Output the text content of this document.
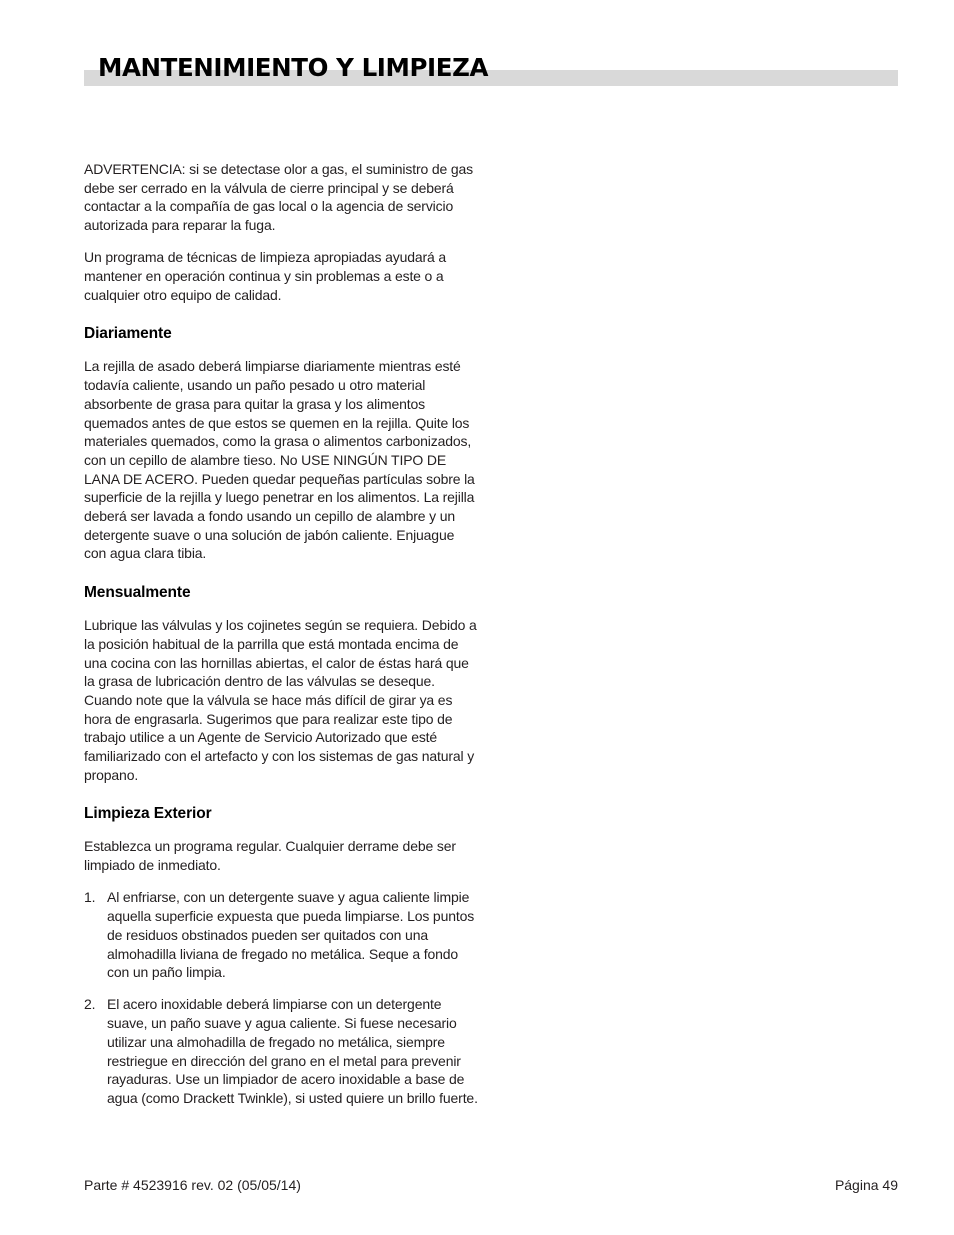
MANTENIMIENTO Y LIMPIEZA

ADVERTENCIA: si se detectase olor a gas, el suministro de gas debe ser cerrado en la válvula de cierre principal y se deberá contactar a la compañía de gas local o la agencia de servicio autorizada para reparar la fuga.

Un programa de técnicas de limpieza apropiadas ayudará a mantener en operación continua y sin problemas a este o a cualquier otro equipo de calidad.

Diariamente

La rejilla de asado deberá limpiarse diariamente mientras esté todavía caliente, usando un paño pesado u otro material absorbente de grasa para quitar la grasa y los alimentos quemados antes de que estos se quemen en la rejilla. Quite los materiales quemados, como la grasa o alimentos carbonizados, con un cepillo de alambre tieso. No USE NINGÚN TIPO DE LANA DE ACERO. Pueden quedar pequeñas partículas sobre la superficie de la rejilla y luego penetrar en los alimentos. La rejilla deberá ser lavada a fondo usando un cepillo de alambre y un detergente suave o una solución de jabón caliente. Enjuague con agua clara tibia.

Mensualmente

Lubrique las válvulas y los cojinetes según se requiera. Debido a la posición habitual de la parrilla que está montada encima de una cocina con las hornillas abiertas, el calor de éstas hará que la grasa de lubricación dentro de las válvulas se deseque. Cuando note que la válvula se hace más difícil de girar ya es hora de engrasarla. Sugerimos que para realizar este tipo de trabajo utilice a un Agente de Servicio Autorizado que esté familiarizado con el artefacto y con los sistemas de gas natural y propano.

Limpieza Exterior

Establezca un programa regular. Cualquier derrame debe ser limpiado de inmediato.

1. Al enfriarse, con un detergente suave y agua caliente limpie aquella superficie expuesta que pueda limpiarse. Los puntos de residuos obstinados pueden ser quitados con una almohadilla liviana de fregado no metálica. Seque a fondo con un paño limpia.
2. El acero inoxidable deberá limpiarse con un detergente suave, un paño suave y agua caliente. Si fuese necesario utilizar una almohadilla de fregado no metálica, siempre restriegue en dirección del grano en el metal para prevenir rayaduras. Use un limpiador de acero inoxidable a base de agua (como Drackett Twinkle), si usted quiere un brillo fuerte.
Parte # 4523916 rev. 02 (05/05/14)	Página 49
